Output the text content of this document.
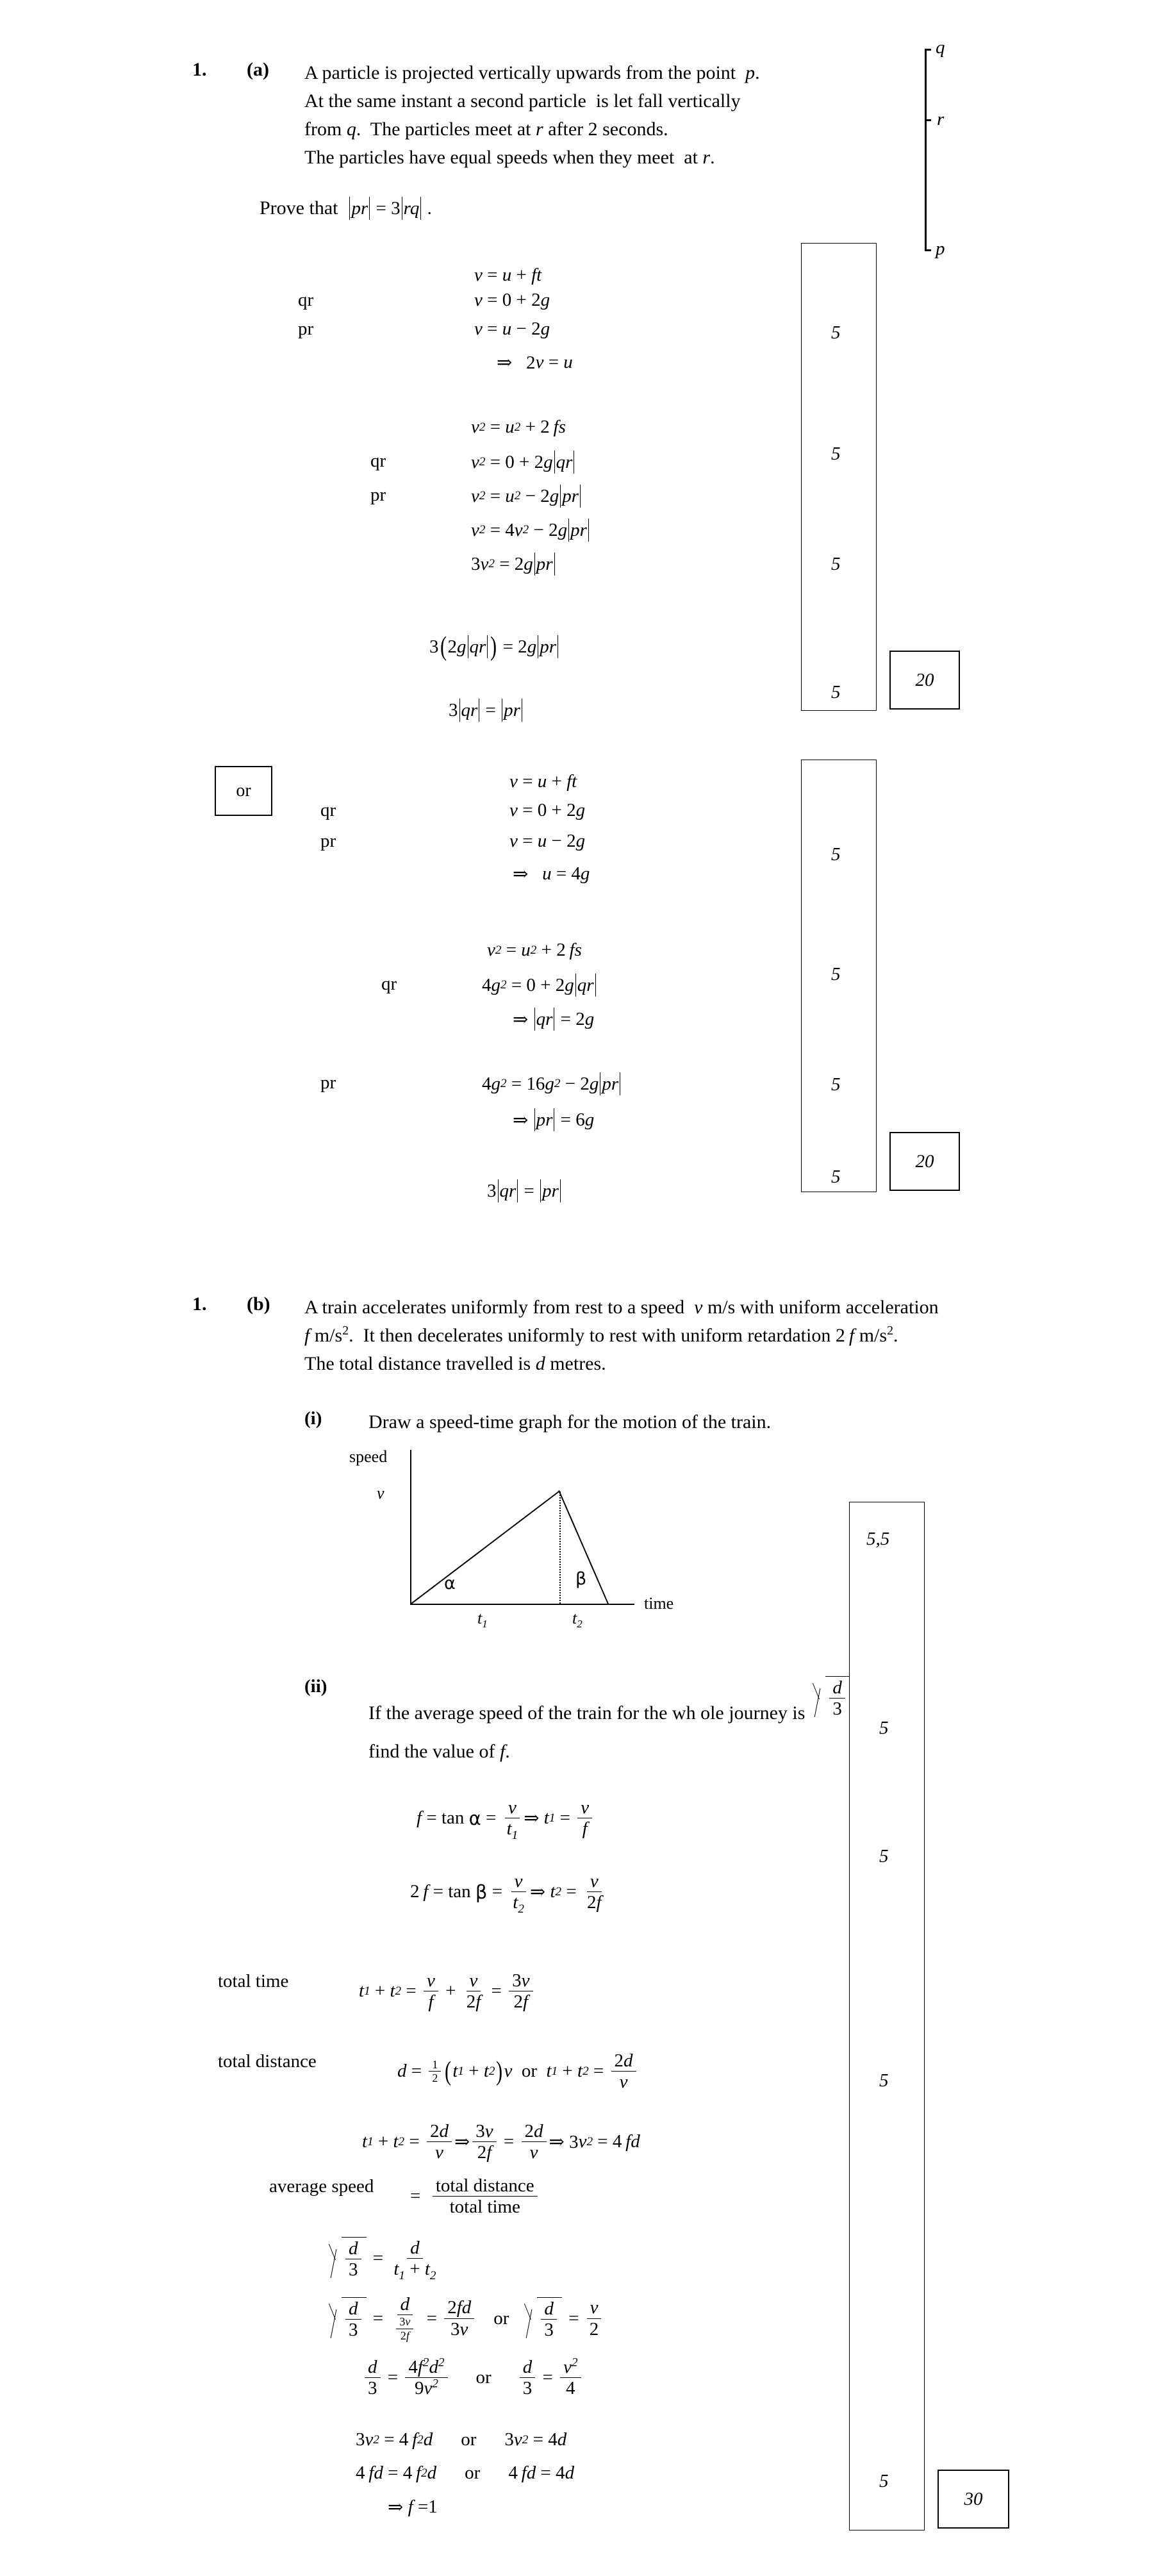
1. (a) A particle is projected vertically upwards from the point  p.
At the same instant a second particle  is let fall vertically
from q.  The particles meet at r after 2 seconds.
The particles have equal speeds when they meet  at r.
Prove that pr = 3 rq .
q
r
p
v = u + ft
qr	v = 0 + 2 g
pr	v = u − 2 g
⇒   2 v = u
v 2 = u 2 + 2  fs
qr	v 2 = 0 + 2 g qr
pr	v 2 = u 2 − 2 g pr
v 2 = 4 v 2 − 2 g pr
3 v 2 = 2 g pr
3 ( 2 g qr ) = 2 g pr
3 qr = pr
5
5
5
5
20
or	v = u + ft
qr	v = 0 + 2 g
pr	v = u − 2 g
⇒ u = 4 g
v 2 = u 2 + 2  fs
qr	4 g 2 = 0 + 2 g qr
⇒ qr = 2 g
pr	4 g 2 = 16 g 2 − 2 g pr
⇒ pr = 6 g
3 qr = pr
5
5
5
5
20
1. (b) A train accelerates uniformly from rest to a speed  v m/s with uniform acceleration
f $m/s^2$.  It then decelerates uniformly to rest with uniform retardation 2 f $m/s^2$.
The total distance travelled is d metres.
(i) Draw a speed-time graph for the motion of the train.
speed
v
time
α	β
$t_1$	$t_2$
(ii)
If the average speed of the train for the wh ole journey is $\frac{d}{3}$
find the value of f.
$f = \tan \alpha = \frac{v}{t_1}$ ⇒ t $1 = \frac{v}{f}$
2  $f = \tan \beta = \frac{v}{t_2}$ ⇒ t $2 = \frac{v}{2f}$
total time	t 1 + t $2 = \frac{v}{f} + \frac{v}{2f} = \frac{3v}{2f}$
total distance	$d = \frac{1}{2}$ ( t 1 + t 2 ) v or t 1 + t $2 = \frac{2d}{v}$
t 1 + t $2 = \frac{2d}{v}$ ⇒ $\frac{3v}{2f} = \frac{2d}{v}$ ⇒ 3 v 2 = 4  fd
average speed = $\frac{\text{total distance}}{\text{total time}}$
$\frac{d}{3} = \frac{d}{t_1 + t_2}$
$\frac{d}{3} = \frac{d}{\frac{3v}{2f}} = \frac{2fd}{3v}$ or $\frac{d}{3} = \frac{v}{2}$
$\frac{d}{3} = \frac{4f^2d^2}{9v^2}$ or $\frac{d}{3} = \frac{v^2}{4}$
3 v 2 = 4  f 2 d or 3 v 2 = 4 d
4  fd = 4  f 2 d or 4  fd = 4 d
⇒ f =1
5,5
5
5
5
5
30
